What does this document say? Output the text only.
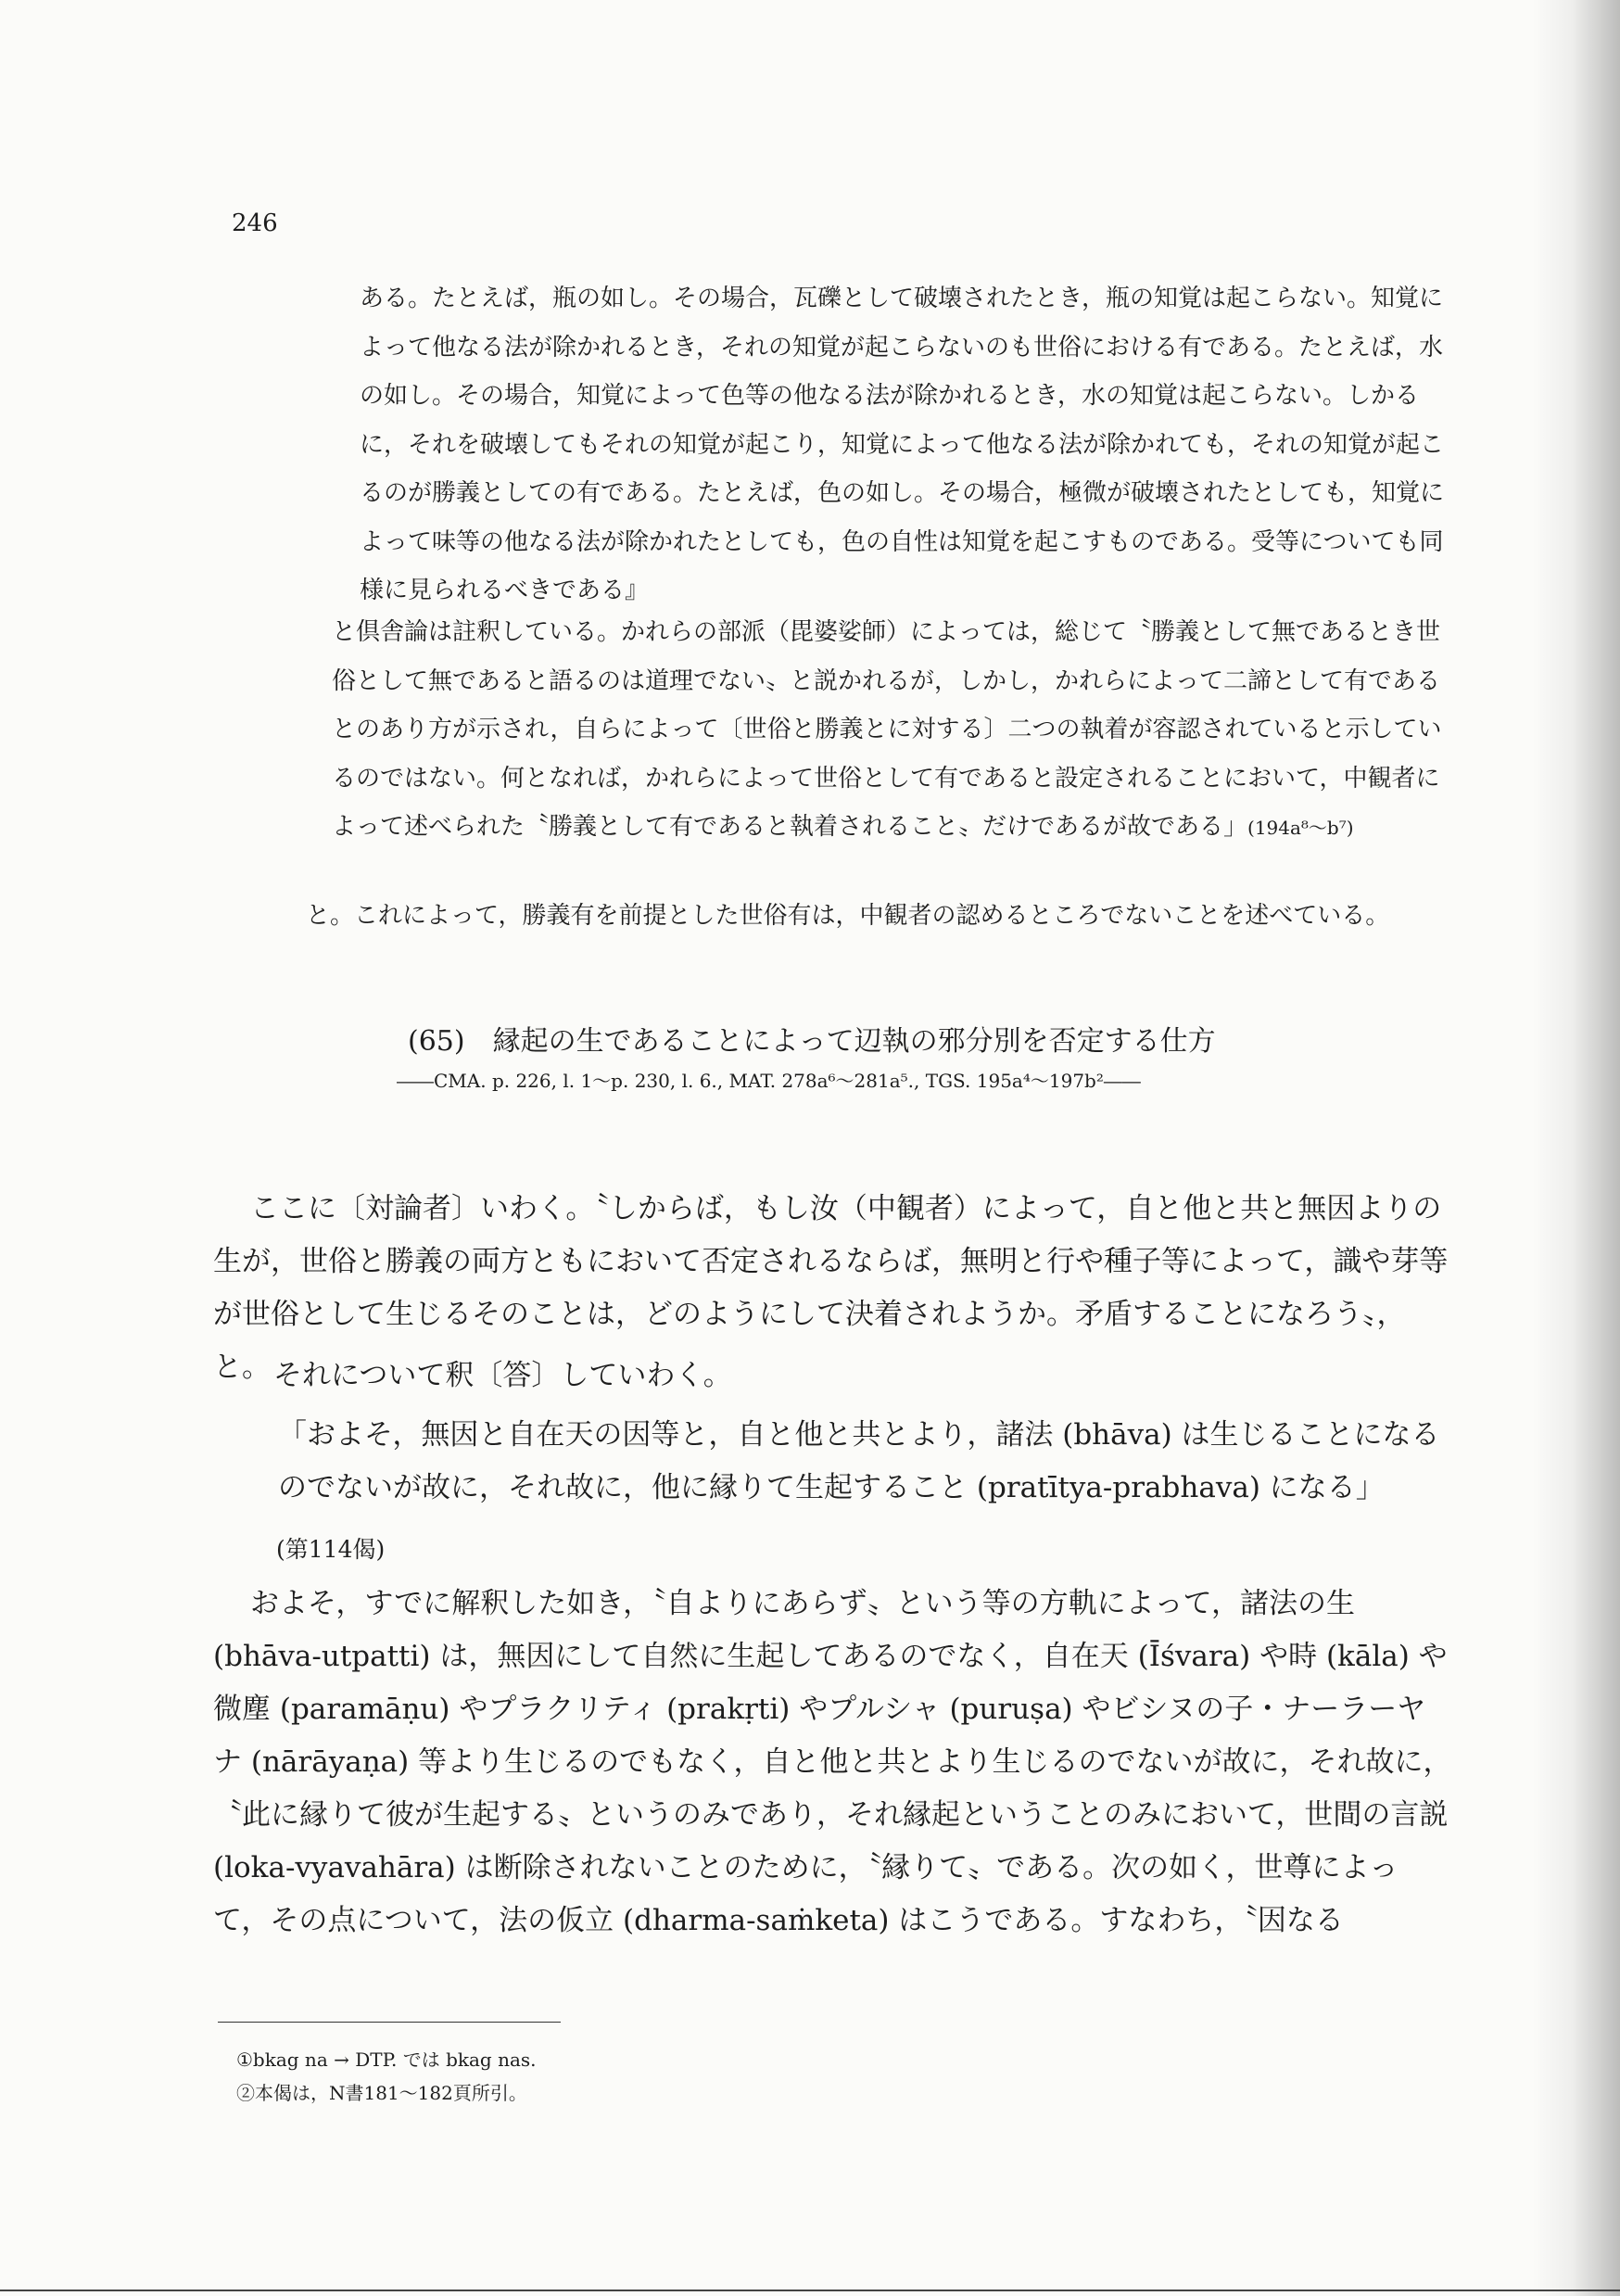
246

ある。たとえば，瓶の如し。その場合，瓦礫として破壊されたとき，瓶の知覚は起こらない。知覚によって他なる法が除かれるとき，それの知覚が起こらないのも世俗における有である。たとえば，水の如し。その場合，知覚によって色等の他なる法が除かれるとき，水の知覚は起こらない。しかるに，それを破壊してもそれの知覚が起こり，知覚によって他なる法が除かれても，それの知覚が起こるのが勝義としての有である。たとえば，色の如し。その場合，極微が破壊されたとしても，知覚によって味等の他なる法が除かれたとしても，色の自性は知覚を起こすものである。受等についても同様に見られるべきである』

と倶舎論は註釈している。かれらの部派（毘婆娑師）によっては，総じて〝勝義として無であるとき世俗として無であると語るのは道理でない〟と説かれるが，しかし，かれらによって二諦として有であるとのあり方が示され，自らによって〔世俗と勝義とに対する〕二つの執着が容認されていると示しているのではない。何となれば，かれらによって世俗として有であると設定されることにおいて，中観者によって述べられた〝勝義として有であると執着されること〟だけであるが故である」(194a⁸～b⁷)

と。これによって，勝義有を前提とした世俗有は，中観者の認めるところでないことを述べている。

(65)　縁起の生であることによって辺執の邪分別を否定する仕方

――CMA. p. 226, l. 1～p. 230, l. 6., MAT. 278a⁶～281a⁵., TGS. 195a⁴～197b²――

ここに〔対論者〕いわく。〝しからば，もし汝（中観者）によって，自と他と共と無因よりの生が，世俗と勝義の両方ともにおいて否定されるならば，無明と行や種子等によって，識や芽等が世俗として生じるそのことは，どのようにして決着されようか。矛盾することになろう〟，と。 それについて釈〔答〕していわく。

「およそ，無因と自在天の因等と，自と他と共とより，諸法 (bhāva) は生じることになるのでないが故に，それ故に，他に縁りて生起すること (pratītya-prabhava) になる」

(第114偈)

およそ，すでに解釈した如き，〝自よりにあらず〟という等の方軌によって，諸法の生 (bhāva-utpatti) は，無因にして自然に生起してあるのでなく，自在天 (Īśvara) や時 (kāla) や微塵 (paramāṇu) やプラクリティ (prakṛti) やプルシャ (puruṣa) やビシヌの子・ナーラーヤナ (nārāyaṇa) 等より生じるのでもなく，自と他と共とより生じるのでないが故に，それ故に，〝此に縁りて彼が生起する〟というのみであり，それ縁起ということのみにおいて，世間の言説 (loka-vyavahāra) は断除されないことのために，〝縁りて〟である。次の如く，世尊によって，その点について，法の仮立 (dharma-saṁketa) はこうである。すなわち，〝因なる

①bkag na → DTP. では bkag nas.

②本偈は，N書181～182頁所引。
